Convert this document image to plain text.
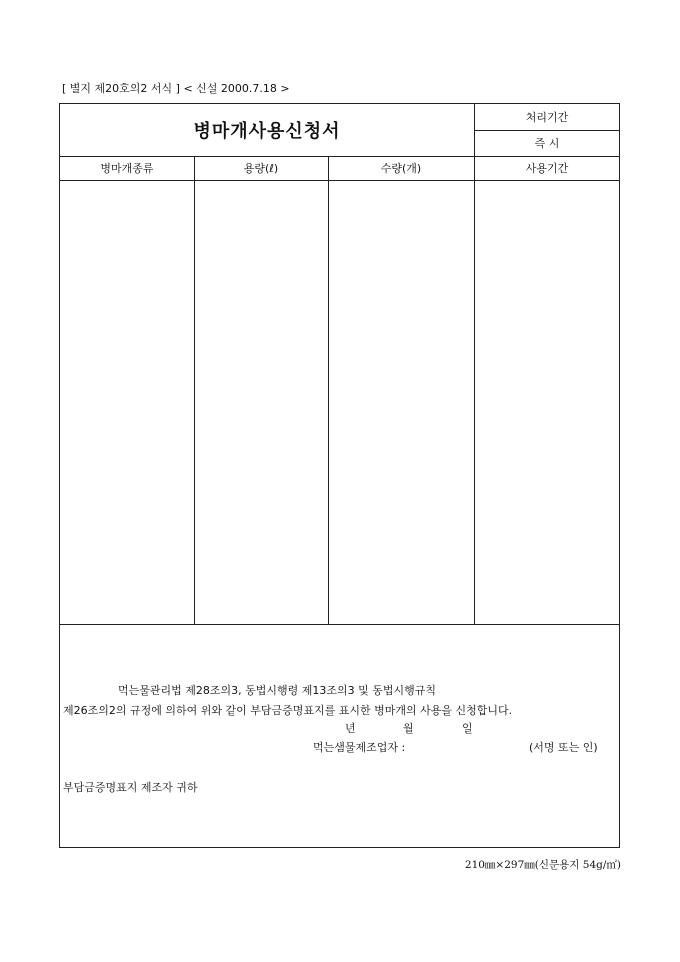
[ 별지 제20호의2 서식 ] < 신설 2000.7.18 >
병마개사용신청서
처리기간
즉 시
병마개종류	용량(ℓ)	수량(개)	사용기간
먹는물관리법 제28조의3, 동법시행령 제13조의3 및 동법시행규칙
제26조의2의 규정에 의하여 위와 같이 부담금증명표지를 표시한 병마개의 사용을 신청합니다.
년	월	일
먹는샘물제조업자 :	(서명 또는 인)
부담금증명표지 제조자 귀하
210㎜×297㎜(신문용지 54g/㎡)
